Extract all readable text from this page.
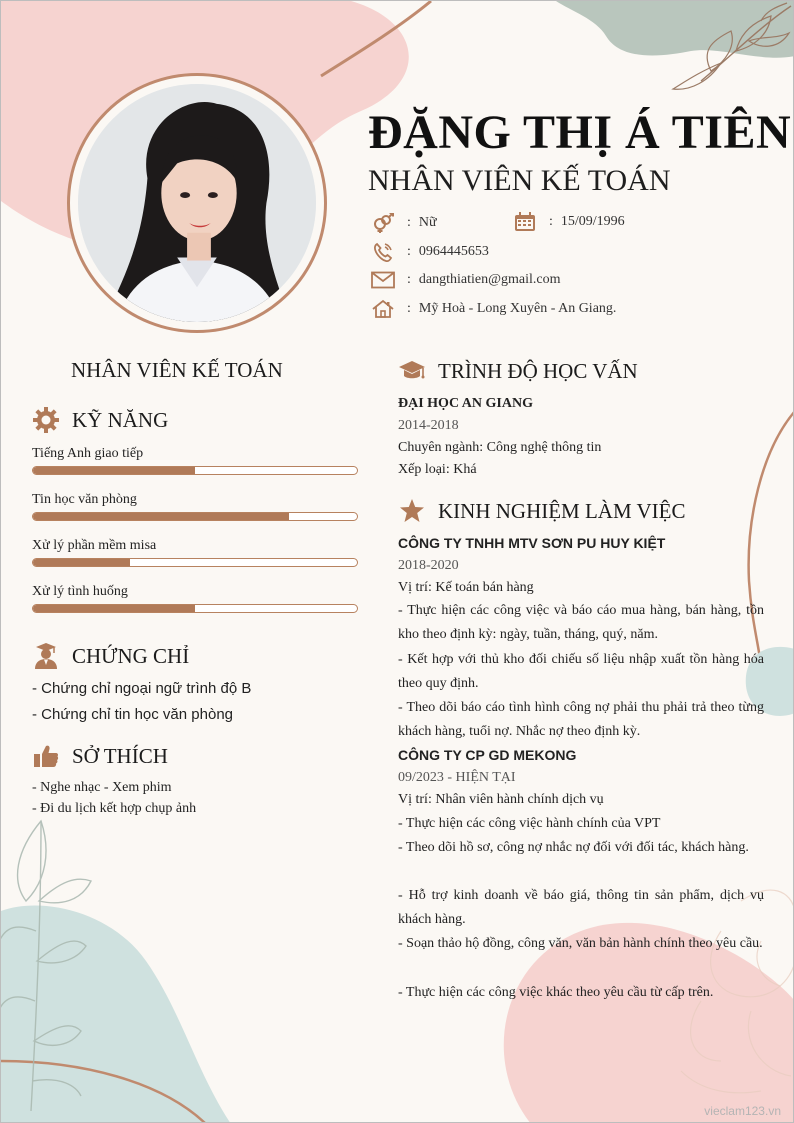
ĐẶNG THỊ Á TIÊN
NHÂN VIÊN KẾ TOÁN
: Nữ	: 15/09/1996
: 0964445653
: dangthiatien@gmail.com
: Mỹ Hoà - Long Xuyên - An Giang.
NHÂN VIÊN KẾ TOÁN
KỸ NĂNG
Tiếng Anh giao tiếp
Tin học văn phòng
Xử lý phần mềm misa
Xử lý tình huống
CHỨNG CHỈ
- Chứng chỉ ngoại ngữ trình độ B
- Chứng chỉ tin học văn phòng
SỞ THÍCH
- Nghe nhạc - Xem phim
- Đi du lịch kết hợp chụp ảnh
TRÌNH ĐỘ HỌC VẤN
ĐẠI HỌC AN GIANG
2014-2018
Chuyên ngành: Công nghệ thông tin
Xếp loại: Khá
KINH NGHIỆM LÀM VIỆC
CÔNG TY TNHH MTV SƠN PU HUY KIỆT
2018-2020
Vị trí: Kế toán bán hàng
- Thực hiện các công việc và báo cáo mua hàng, bán hàng, tồn kho theo định kỳ: ngày, tuần, tháng, quý, năm.
- Kết hợp với thủ kho đối chiếu số liệu nhập xuất tồn hàng hóa theo quy định.
- Theo dõi báo cáo tình hình công nợ phải thu phải trả theo từng khách hàng, tuổi nợ. Nhắc nợ theo định kỳ.
CÔNG TY CP GD MEKONG
09/2023 - HIỆN TẠI
Vị trí: Nhân viên hành chính dịch vụ
- Thực hiện các công việc hành chính của VPT
- Theo dõi hồ sơ, công nợ nhắc nợ đối với đối tác, khách hàng.
- Hỗ trợ kinh doanh về báo giá, thông tin sản phẩm, dịch vụ khách hàng.
- Soạn thảo hộ đồng, công văn, văn bản hành chính theo yêu cầu.
- Thực hiện các công việc khác theo yêu cầu từ cấp trên.
vieclam123.vn
